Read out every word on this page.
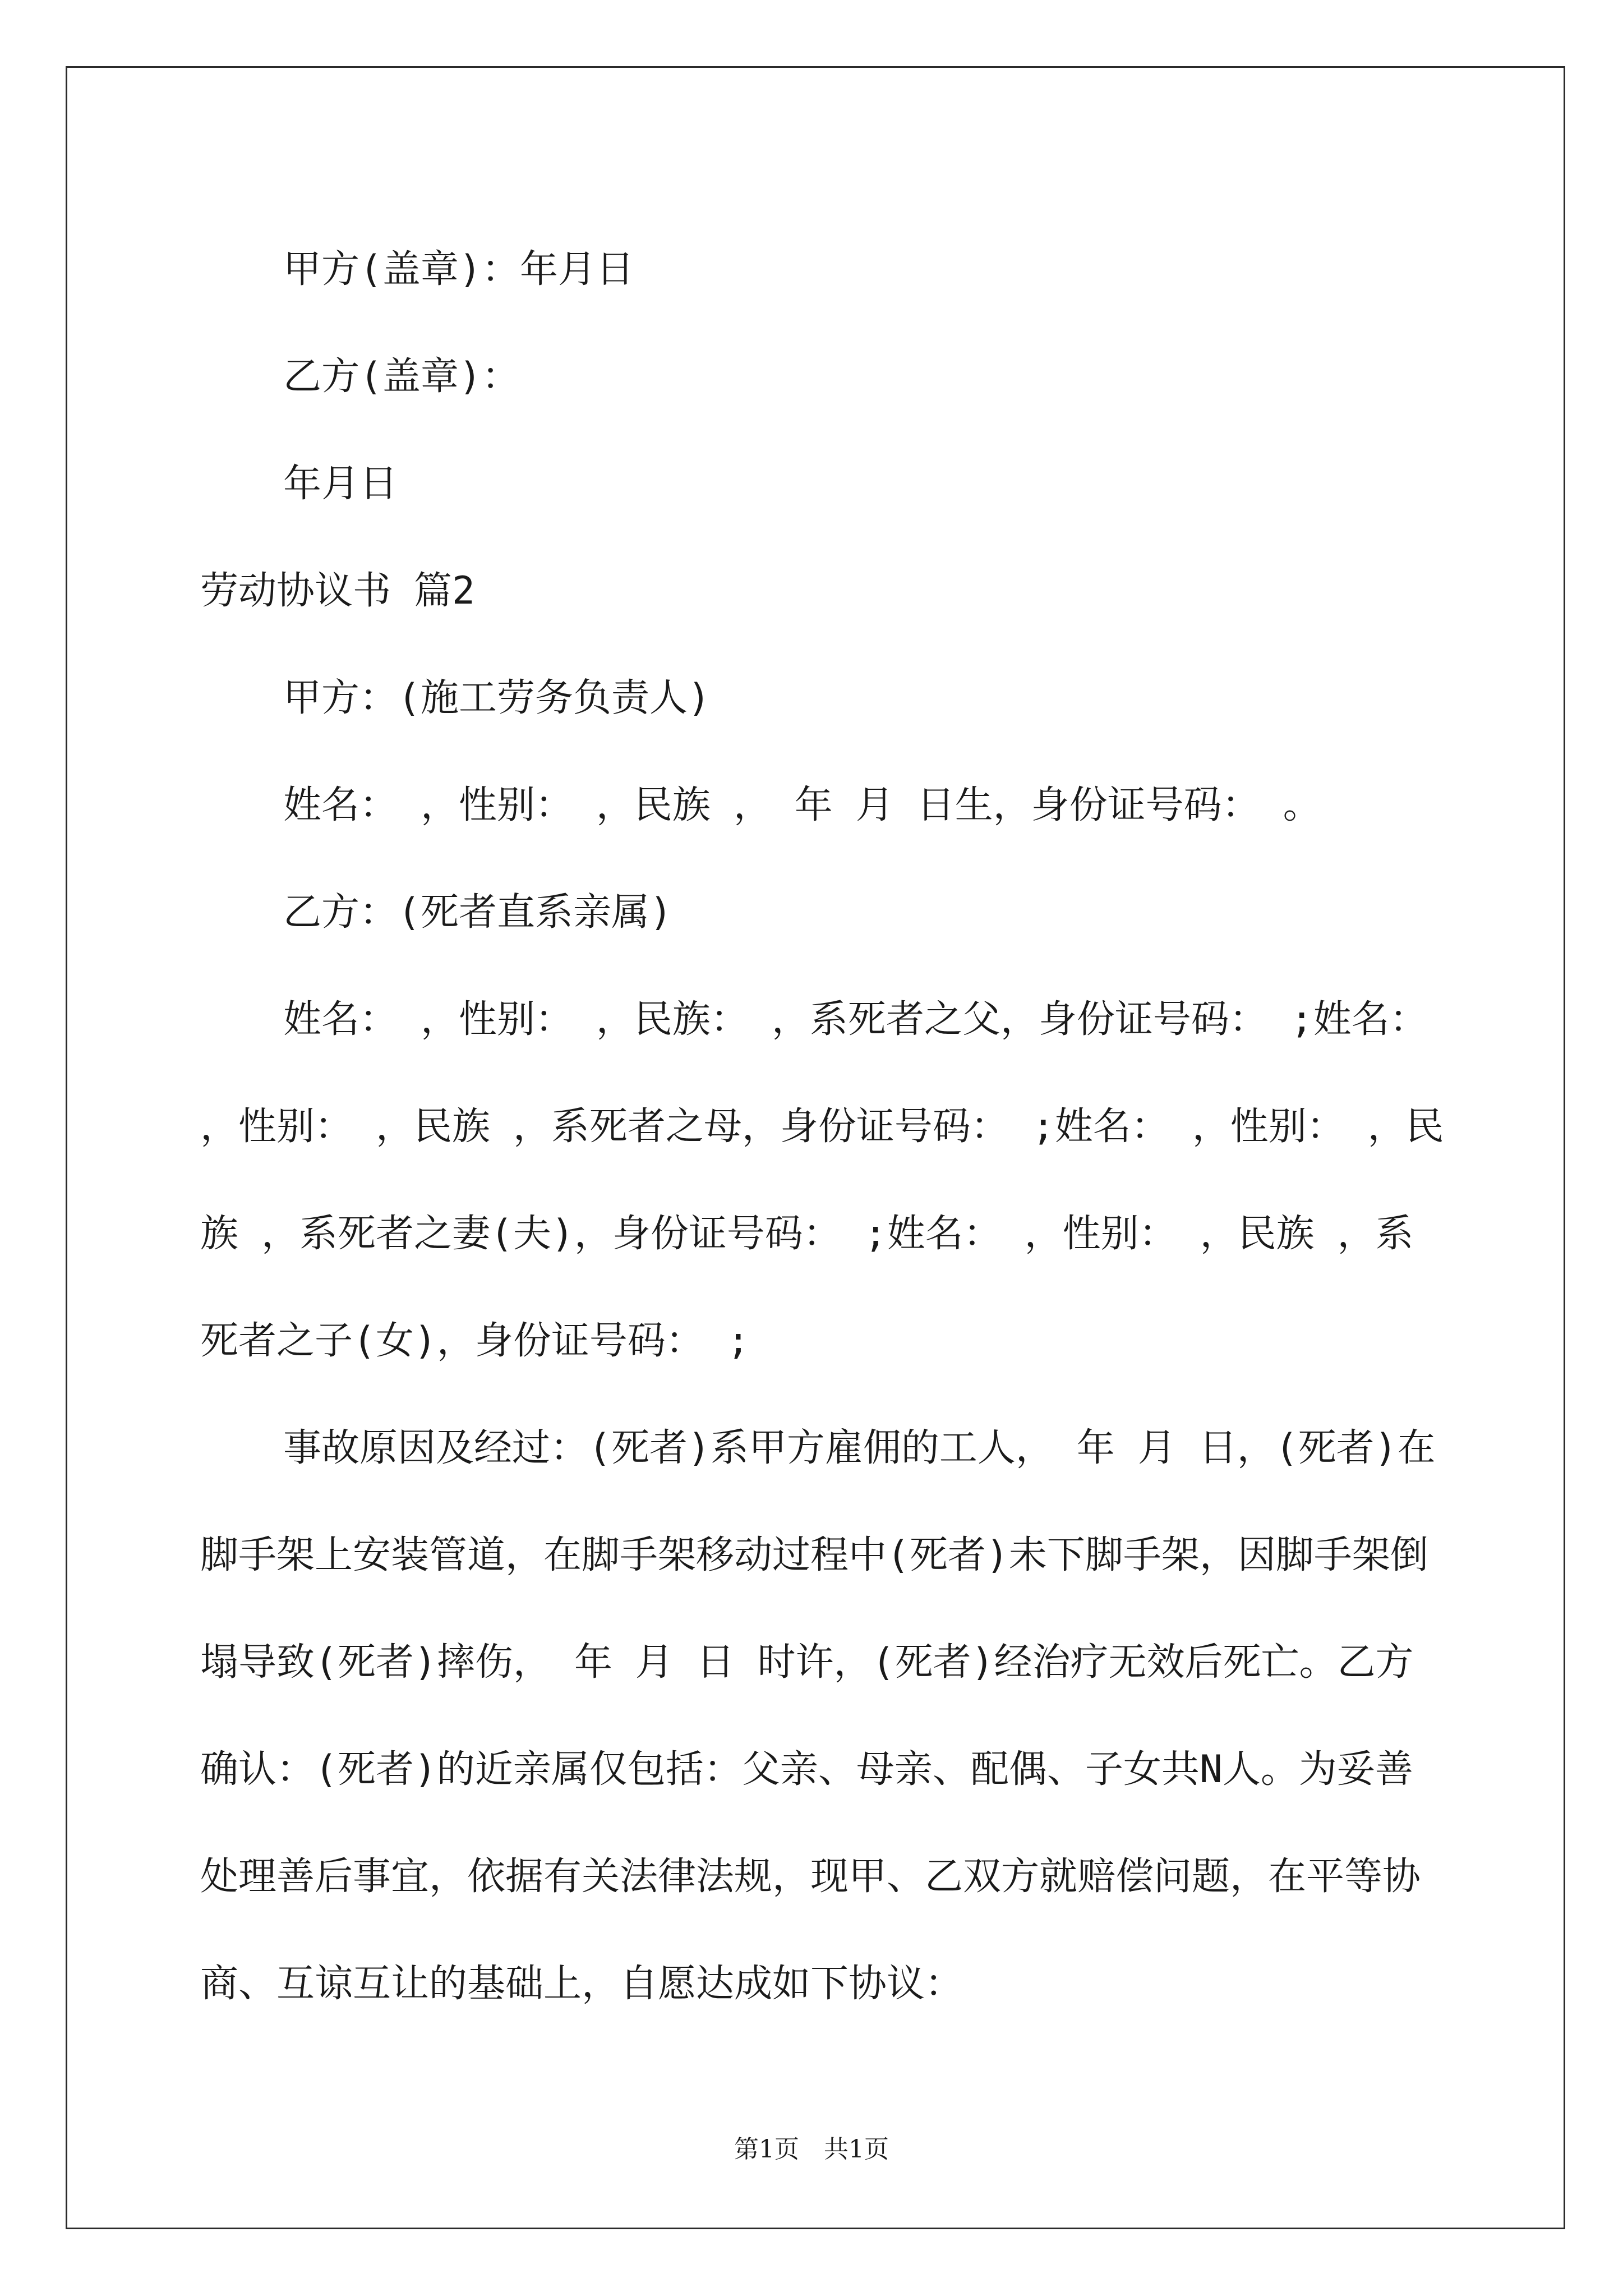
甲方(盖章)：年月日

乙方(盖章)：

年月日

劳动协议书 篇2

甲方：(施工劳务负责人)

姓名： ，性别： ，民族 ， 年 月 日生，身份证号码： 。

乙方：(死者直系亲属)

姓名： ，性别： ，民族： ，系死者之父，身份证号码： ;姓名： ，性别： ，民族 ，系死者之母，身份证号码： ;姓名： ，性别： ，民族 ，系死者之妻(夫)，身份证号码： ;姓名： ，性别： ，民族 ，系死者之子(女)，身份证号码： ;

事故原因及经过：(死者)系甲方雇佣的工人， 年 月 日，(死者)在脚手架上安装管道，在脚手架移动过程中(死者)未下脚手架，因脚手架倒塌导致(死者)摔伤， 年 月 日 时许，(死者)经治疗无效后死亡。乙方确认：(死者)的近亲属仅包括：父亲、母亲、配偶、子女共N人。为妥善处理善后事宜，依据有关法律法规，现甲、乙双方就赔偿问题，在平等协商、互谅互让的基础上，自愿达成如下协议：

第1页　共1页
